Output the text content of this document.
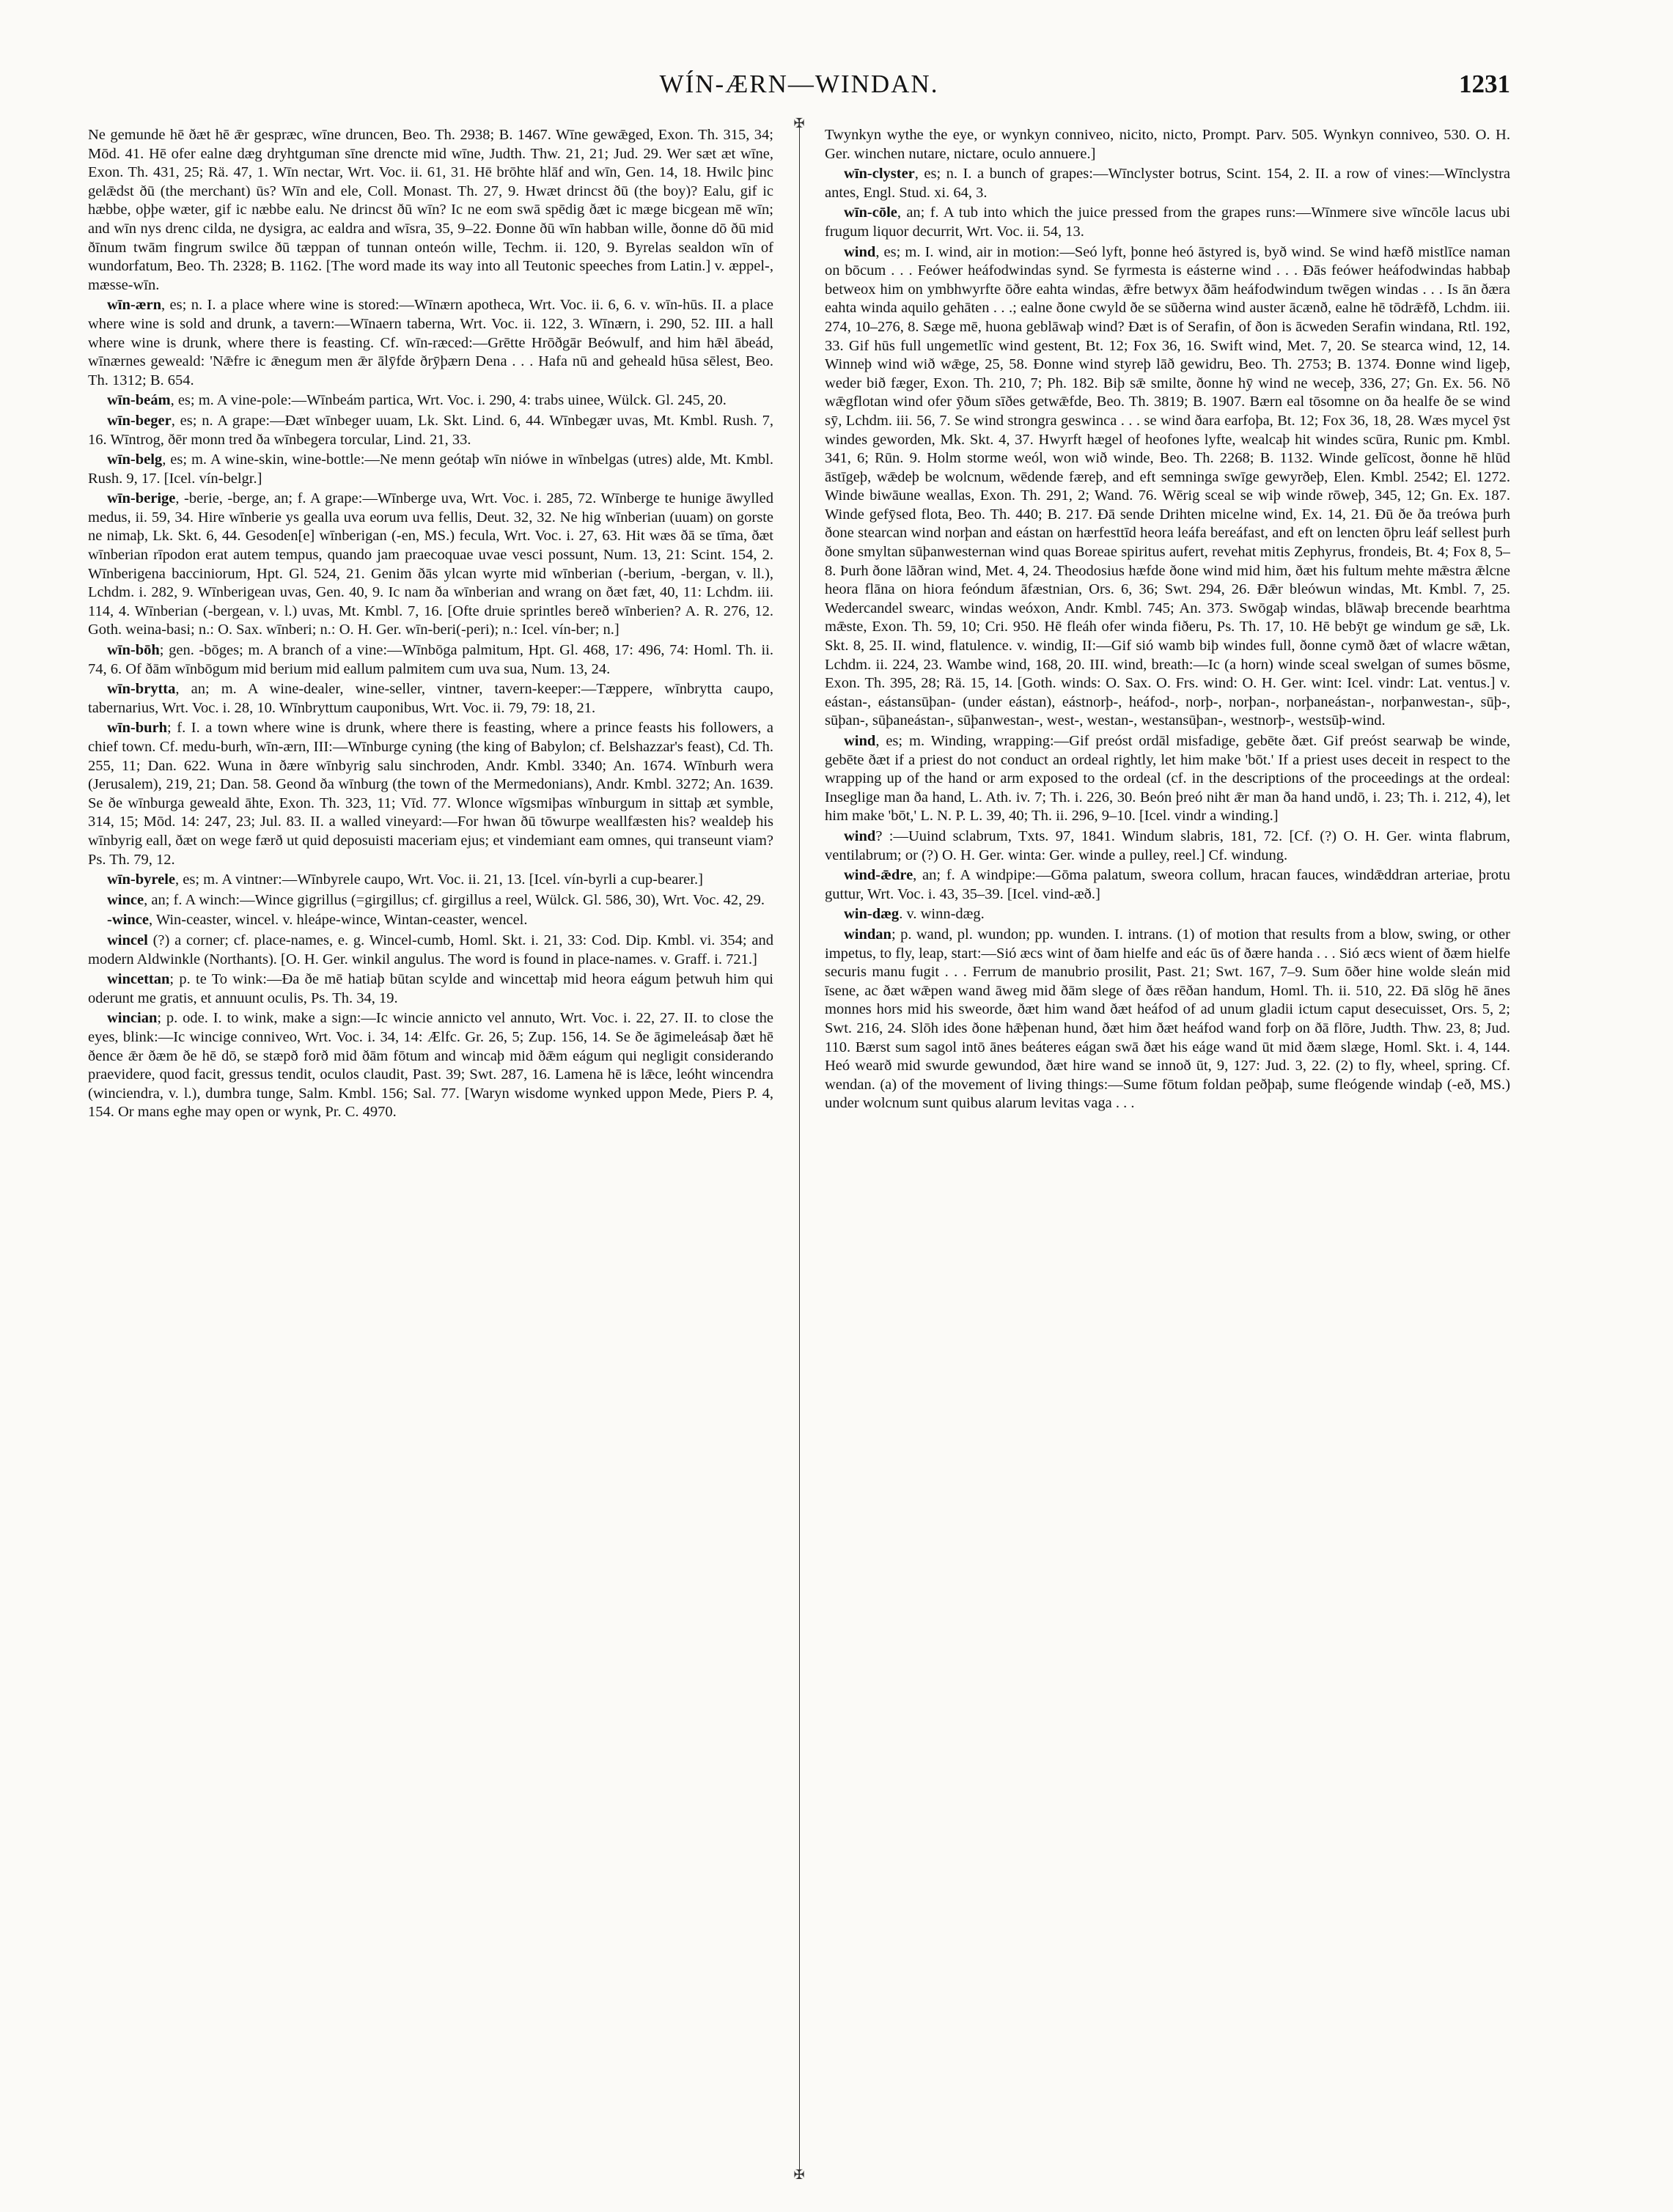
WÍN-ÆRN—WINDAN.	1231

Ne gemunde hē ðæt hē ǣr gespræc, wīne druncen, Beo. Th. 2938; B. 1467. Wīne gewǣged, Exon. Th. 315, 34; Mōd. 41. Hē ofer ealne dæg dryhtguman sīne drencte mid wīne, Judth. Thw. 21, 21; Jud. 29. Wer sæt æt wīne, Exon. Th. 431, 25; Rä. 47, 1. Wīn nectar, Wrt. Voc. ii. 61, 31. Hē brōhte hlāf and wīn, Gen. 14, 18. Hwilc þinc gelǣdst ðū (the merchant) ūs? Wīn and ele, Coll. Monast. Th. 27, 9. Hwæt drincst ðū (the boy)? Ealu, gif ic hæbbe, oþþe wæter, gif ic næbbe ealu. Ne drincst ðū wīn? Ic ne eom swā spēdig ðæt ic mæge bicgean mē wīn; and wīn nys drenc cilda, ne dysigra, ac ealdra and wīsra, 35, 9–22. Ðonne ðū wīn habban wille, ðonne dō ðū mid ðīnum twām fingrum swilce ðū tæppan of tunnan onteón wille, Techm. ii. 120, 9. Byrelas sealdon wīn of wundorfatum, Beo. Th. 2328; B. 1162. [The word made its way into all Teutonic speeches from Latin.] v. æppel-, mæsse-wīn.

wīn-ærn, es; n. I. a place where wine is stored:—Wīnærn apotheca, Wrt. Voc. ii. 6, 6. v. wīn-hūs. II. a place where wine is sold and drunk, a tavern:—Wīnaern taberna, Wrt. Voc. ii. 122, 3. Wīnærn, i. 290, 52. III. a hall where wine is drunk, where there is feasting. Cf. wīn-ræced:—Grētte Hrōðgār Beówulf, and him hǣl ābeád, wīnærnes geweald: 'Nǣfre ic ǣnegum men ǣr ālȳfde ðrȳþærn Dena . . . Hafa nū and geheald hūsa sēlest, Beo. Th. 1312; B. 654.

wīn-beám, es; m. A vine-pole:—Wīnbeám partica, Wrt. Voc. i. 290, 4: trabs uinee, Wülck. Gl. 245, 20.

wīn-beger, es; n. A grape:—Ðæt wīnbeger uuam, Lk. Skt. Lind. 6, 44. Wīnbegær uvas, Mt. Kmbl. Rush. 7, 16. Wīntrog, ðēr monn tred ða wīnbegera torcular, Lind. 21, 33.

wīn-belg, es; m. A wine-skin, wine-bottle:—Ne menn geótaþ wīn niówe in wīnbelgas (utres) alde, Mt. Kmbl. Rush. 9, 17. [Icel. vín-belgr.]

wīn-berige, -berie, -berge, an; f. A grape:—Wīnberge uva, Wrt. Voc. i. 285, 72. Wīnberge te hunige āwylled medus, ii. 59, 34. Hire wīnberie ys gealla uva eorum uva fellis, Deut. 32, 32. Ne hig wīnberian (uuam) on gorste ne nimaþ, Lk. Skt. 6, 44. Gesoden[e] wīnberigan (-en, MS.) fecula, Wrt. Voc. i. 27, 63. Hit wæs ðā se tīma, ðæt wīnberian rīpodon erat autem tempus, quando jam praecoquae uvae vesci possunt, Num. 13, 21: Scint. 154, 2. Wīnberigena bacciniorum, Hpt. Gl. 524, 21. Genim ðās ylcan wyrte mid wīnberian (-berium, -bergan, v. ll.), Lchdm. i. 282, 9. Wīnberigean uvas, Gen. 40, 9. Ic nam ða wīnberian and wrang on ðæt fæt, 40, 11: Lchdm. iii. 114, 4. Wīnberian (-bergean, v. l.) uvas, Mt. Kmbl. 7, 16. [Ofte druie sprintles bereð wīnberien? A. R. 276, 12. Goth. weina-basi; n.: O. Sax. wīnberi; n.: O. H. Ger. wīn-beri(-peri); n.: Icel. vín-ber; n.]

wīn-bōh; gen. -bōges; m. A branch of a vine:—Wīnbōga palmitum, Hpt. Gl. 468, 17: 496, 74: Homl. Th. ii. 74, 6. Of ðām wīnbōgum mid berium mid eallum palmitem cum uva sua, Num. 13, 24.

wīn-brytta, an; m. A wine-dealer, wine-seller, vintner, tavern-keeper:—Tæppere, wīnbrytta caupo, tabernarius, Wrt. Voc. i. 28, 10. Wīnbryttum cauponibus, Wrt. Voc. ii. 79, 79: 18, 21.

wīn-burh; f. I. a town where wine is drunk, where there is feasting, where a prince feasts his followers, a chief town. Cf. medu-burh, wīn-ærn, III:—Wīnburge cyning (the king of Babylon; cf. Belshazzar's feast), Cd. Th. 255, 11; Dan. 622. Wuna in ðære wīnbyrig salu sinchroden, Andr. Kmbl. 3340; An. 1674. Wīnburh wera (Jerusalem), 219, 21; Dan. 58. Geond ða wīnburg (the town of the Mermedonians), Andr. Kmbl. 3272; An. 1639. Se ðe wīnburga geweald āhte, Exon. Th. 323, 11; Vīd. 77. Wlonce wīgsmiþas wīnburgum in sittaþ æt symble, 314, 15; Mōd. 14: 247, 23; Jul. 83. II. a walled vineyard:—For hwan ðū tōwurpe weallfæsten his? wealdeþ his wīnbyrig eall, ðæt on wege færð ut quid deposuisti maceriam ejus; et vindemiant eam omnes, qui transeunt viam? Ps. Th. 79, 12.

wīn-byrele, es; m. A vintner:—Wīnbyrele caupo, Wrt. Voc. ii. 21, 13. [Icel. vín-byrli a cup-bearer.]

wince, an; f. A winch:—Wince gigrillus (=girgillus; cf. girgillus a reel, Wülck. Gl. 586, 30), Wrt. Voc. 42, 29.

-wince, Win-ceaster, wincel. v. hleápe-wince, Wintan-ceaster, wencel.

wincel (?) a corner; cf. place-names, e. g. Wincel-cumb, Homl. Skt. i. 21, 33: Cod. Dip. Kmbl. vi. 354; and modern Aldwinkle (Northants). [O. H. Ger. winkil angulus. The word is found in place-names. v. Graff. i. 721.]

wincettan; p. te To wink:—Ða ðe mē hatiaþ būtan scylde and wincettaþ mid heora eágum þetwuh him qui oderunt me gratis, et annuunt oculis, Ps. Th. 34, 19.

wincian; p. ode. I. to wink, make a sign:—Ic wincie annicto vel annuto, Wrt. Voc. i. 22, 27. II. to close the eyes, blink:—Ic wincige conniveo, Wrt. Voc. i. 34, 14: Ælfc. Gr. 26, 5; Zup. 156, 14. Se ðe āgimeleásaþ ðæt hē ðence ǣr ðæm ðe hē dō, se stæpð forð mid ðām fōtum and wincaþ mid ðǣm eágum qui negligit considerando praevidere, quod facit, gressus tendit, oculos claudit, Past. 39; Swt. 287, 16. Lamena hē is lǣce, leóht wincendra (winciendra, v. l.), dumbra tunge, Salm. Kmbl. 156; Sal. 77. [Waryn wisdome wynked uppon Mede, Piers P. 4, 154. Or mans eghe may open or wynk, Pr. C. 4970.

✠
✠

Twynkyn wythe the eye, or wynkyn conniveo, nicito, nicto, Prompt. Parv. 505. Wynkyn conniveo, 530. O. H. Ger. winchen nutare, nictare, oculo annuere.]

wīn-clyster, es; n. I. a bunch of grapes:—Wīnclyster botrus, Scint. 154, 2. II. a row of vines:—Wīnclystra antes, Engl. Stud. xi. 64, 3.

wīn-cōle, an; f. A tub into which the juice pressed from the grapes runs:—Wīnmere sive wīncōle lacus ubi frugum liquor decurrit, Wrt. Voc. ii. 54, 13.

wind, es; m. I. wind, air in motion:—Seó lyft, þonne heó āstyred is, byð wind. Se wind hæfð mistlīce naman on bōcum . . . Feówer heáfodwindas synd. Se fyrmesta is eásterne wind . . . Ðās feówer heáfodwindas habbaþ betweox him on ymbhwyrfte ōðre eahta windas, ǣfre betwyx ðām heáfodwindum twēgen windas . . . Is ān ðæra eahta winda aquilo gehāten . . .; ealne ðone cwyld ðe se sūðerna wind auster ācænð, ealne hē tōdrǣfð, Lchdm. iii. 274, 10–276, 8. Sæge mē, huona geblāwaþ wind? Ðæt is of Serafin, of ðon is ācweden Serafin windana, Rtl. 192, 33. Gif hūs full ungemetlīc wind gestent, Bt. 12; Fox 36, 16. Swift wind, Met. 7, 20. Se stearca wind, 12, 14. Winneþ wind wið wǣge, 25, 58. Ðonne wind styreþ lāð gewidru, Beo. Th. 2753; B. 1374. Ðonne wind ligeþ, weder bið fæger, Exon. Th. 210, 7; Ph. 182. Biþ sǣ smilte, ðonne hȳ wind ne weceþ, 336, 27; Gn. Ex. 56. Nō wǣgflotan wind ofer ȳðum sīðes getwǣfde, Beo. Th. 3819; B. 1907. Bærn eal tōsomne on ða healfe ðe se wind sȳ, Lchdm. iii. 56, 7. Se wind strongra geswinca . . . se wind ðara earfoþa, Bt. 12; Fox 36, 18, 28. Wæs mycel ȳst windes geworden, Mk. Skt. 4, 37. Hwyrft hægel of heofones lyfte, wealcaþ hit windes scūra, Runic pm. Kmbl. 341, 6; Rūn. 9. Holm storme weól, won wið winde, Beo. Th. 2268; B. 1132. Winde gelīcost, ðonne hē hlūd āstīgeþ, wǣdeþ be wolcnum, wēdende færeþ, and eft semninga swīge gewyrðeþ, Elen. Kmbl. 2542; El. 1272. Winde biwāune weallas, Exon. Th. 291, 2; Wand. 76. Wērig sceal se wiþ winde rōweþ, 345, 12; Gn. Ex. 187. Winde gefȳsed flota, Beo. Th. 440; B. 217. Ðā sende Drihten micelne wind, Ex. 14, 21. Ðū ðe ða treówa þurh ðone stearcan wind norþan and eástan on hærfesttīd heora leáfa bereáfast, and eft on lencten ōþru leáf sellest þurh ðone smyltan sūþanwesternan wind quas Boreae spiritus aufert, revehat mitis Zephyrus, frondeis, Bt. 4; Fox 8, 5–8. Þurh ðone lāðran wind, Met. 4, 24. Theodosius hæfde ðone wind mid him, ðæt his fultum mehte mǣstra ǣlcne heora flāna on hiora feóndum āfæstnian, Ors. 6, 36; Swt. 294, 26. Ðǣr bleówun windas, Mt. Kmbl. 7, 25. Wedercandel swearc, windas weóxon, Andr. Kmbl. 745; An. 373. Swōgaþ windas, blāwaþ brecende bearhtma mǣste, Exon. Th. 59, 10; Cri. 950. Hē fleáh ofer winda fiðeru, Ps. Th. 17, 10. Hē bebȳt ge windum ge sǣ, Lk. Skt. 8, 25. II. wind, flatulence. v. windig, II:—Gif sió wamb biþ windes full, ðonne cymð ðæt of wlacre wǣtan, Lchdm. ii. 224, 23. Wambe wind, 168, 20. III. wind, breath:—Ic (a horn) winde sceal swelgan of sumes bōsme, Exon. Th. 395, 28; Rä. 15, 14. [Goth. winds: O. Sax. O. Frs. wind: O. H. Ger. wint: Icel. vindr: Lat. ventus.] v. eástan-, eástansūþan- (under eástan), eástnorþ-, heáfod-, norþ-, norþan-, norþaneástan-, norþanwestan-, sūþ-, sūþan-, sūþaneástan-, sūþanwestan-, west-, westan-, westansūþan-, westnorþ-, westsūþ-wind.

wind, es; m. Winding, wrapping:—Gif preóst ordāl misfadige, gebēte ðæt. Gif preóst searwaþ be winde, gebēte ðæt if a priest do not conduct an ordeal rightly, let him make 'bōt.' If a priest uses deceit in respect to the wrapping up of the hand or arm exposed to the ordeal (cf. in the descriptions of the proceedings at the ordeal: Inseglige man ða hand, L. Ath. iv. 7; Th. i. 226, 30. Beón þreó niht ǣr man ða hand undō, i. 23; Th. i. 212, 4), let him make 'bōt,' L. N. P. L. 39, 40; Th. ii. 296, 9–10. [Icel. vindr a winding.]

wind? :—Uuind sclabrum, Txts. 97, 1841. Windum slabris, 181, 72. [Cf. (?) O. H. Ger. winta flabrum, ventilabrum; or (?) O. H. Ger. winta: Ger. winde a pulley, reel.] Cf. windung.

wind-ǣdre, an; f. A windpipe:—Gōma palatum, sweora collum, hracan fauces, windǣddran arteriae, þrotu guttur, Wrt. Voc. i. 43, 35–39. [Icel. vind-æð.]

win-dæg. v. winn-dæg.

windan; p. wand, pl. wundon; pp. wunden. I. intrans. (1) of motion that results from a blow, swing, or other impetus, to fly, leap, start:—Sió æcs wint of ðam hielfe and eác ūs of ðære handa . . . Sió æcs wient of ðæm hielfe securis manu fugit . . . Ferrum de manubrio prosilit, Past. 21; Swt. 167, 7–9. Sum ōðer hine wolde sleán mid īsene, ac ðæt wǣpen wand āweg mid ðām slege of ðæs rēðan handum, Homl. Th. ii. 510, 22. Ðā slōg hē ānes monnes hors mid his sweorde, ðæt him wand ðæt heáfod of ad unum gladii ictum caput desecuisset, Ors. 5, 2; Swt. 216, 24. Slōh ides ðone hǣþenan hund, ðæt him ðæt heáfod wand forþ on ðā flōre, Judth. Thw. 23, 8; Jud. 110. Bærst sum sagol intō ānes beáteres eágan swā ðæt his eáge wand ūt mid ðæm slæge, Homl. Skt. i. 4, 144. Heó wearð mid swurde gewundod, ðæt hire wand se innoð ūt, 9, 127: Jud. 3, 22. (2) to fly, wheel, spring. Cf. wendan. (a) of the movement of living things:—Sume fōtum foldan peðþaþ, sume fleógende windaþ (-eð, MS.) under wolcnum sunt quibus alarum levitas vaga . . .
